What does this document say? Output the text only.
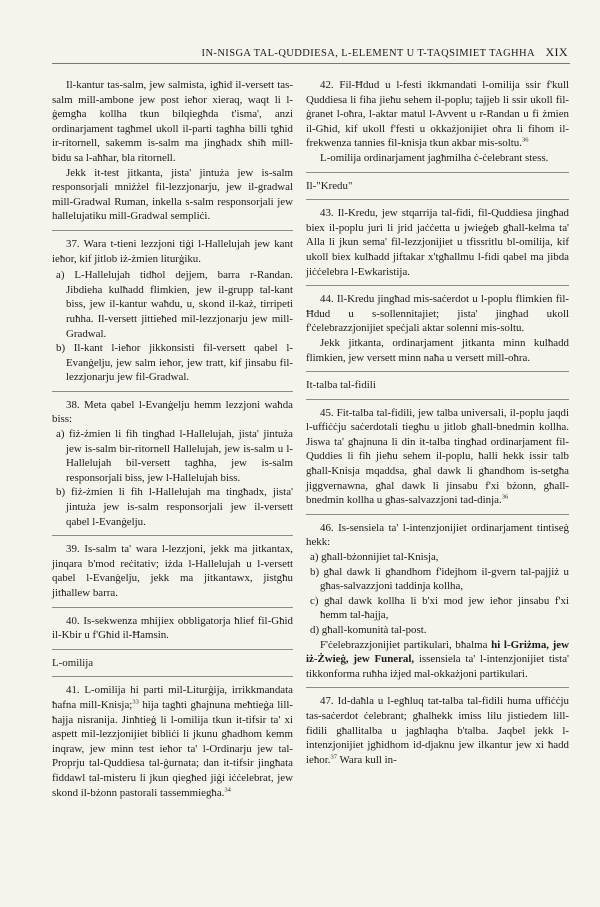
IN-NISGA TAL-QUDDIESA, L-ELEMENT U T-TAQSIMIET TAGHHA XIX

Il-kantur tas-salm, jew salmista, igħid il-versett tas-salm mill-ambone jew post ieħor xieraq, waqt li l-ġemgħa kollha tkun bilqiegħda t'isma', anzi ordinarjament tagħmel ukoll il-parti tagħha billi tgħid ir-ritornell, sakemm is-salm ma jingħadx sħiħ mill-bidu sa l-aħħar, bla ritornell.

Jekk it-test jitkanta, jista' jintuża jew is-salm responsorjali mniżżel fil-lezzjonarju, jew il-gradwal mill-Gradwal Ruman, inkella s-salm responsorjali jew hallelujatiku mill-Gradwal sempliċi.

37. Wara t-tieni lezzjoni tiġi l-Hallelujah jew kant ieħor, kif jitlob iż-żmien liturġiku.

a) L-Hallelujah tidħol dejjem, barra r-Randan. Jibdieha kulħadd flimkien, jew il-grupp tal-kant biss, jew il-kantur waħdu, u, skond il-każ, tirripeti ruħha. Il-versett jittieħed mil-lezzjonarju jew mill-Gradwal.

b) Il-kant l-ieħor jikkonsisti fil-versett qabel l-Evanġelju, jew salm ieħor, jew tratt, kif jinsabu fil-lezzjonarju jew fil-Gradwal.

38. Meta qabel l-Evanġelju hemm lezzjoni waħda biss:

a) fiż-żmien li fih tingħad l-Hallelujah, jista' jintuża jew is-salm bir-ritornell Hallelujah, jew is-salm u l-Hallelujah bil-versett tagħha, jew is-salm responsorjali biss, jew l-Hallelujah biss.

b) fiż-żmien li fih l-Hallelujah ma tingħadx, jista' jintuża jew is-salm responsorjali jew il-versett qabel l-Evanġelju.

39. Is-salm ta' wara l-lezzjoni, jekk ma jitkantax, jinqara b'mod reċitativ; iżda l-Hallelujah u l-versett qabel l-Evanġelju, jekk ma jitkantawx, jistgħu jitħallew barra.

40. Is-sekwenza mhijiex obbligatorja ħlief fil-Għid il-Kbir u f'Għid il-Ħamsin.

L-omilija

41. L-omilija hi parti mil-Liturġija, irrikkmandata ħafna mill-Knisja;$^{33}$ hija tagħti għajnuna meħtieġa lill-ħajja nisranija. Jinħtieġ li l-omilija tkun it-tifsir ta' xi aspett mil-lezzjonijiet bibliċi li jkunu għadhom kemm inqraw, jew minn test ieħor ta' l-Ordinarju jew tal-Proprju tal-Quddiesa tal-ġurnata; dan it-tifsir jingħata fiddawl tal-misteru li jkun qiegħed jiġi iċċelebrat, jew skond il-bżonn pastorali tassemmiegħa.$^{34}$

42. Fil-Ħdud u l-festi ikkmandati l-omilija ssir f'kull Quddiesa li fiha jieħu sehem il-poplu; tajjeb li ssir ukoll fil-ġranet l-oħra, l-aktar matul l-Avvent u r-Randan u fi żmien il-Għid, kif ukoll f'festi u okkażjonijiet oħra li fihom il-frekwenza tannies fil-knisja tkun akbar mis-soltu.$^{36}$

L-omilija ordinarjament jagħmilha ċ-ċelebrant stess.

Il-"Kredu"

43. Il-Kredu, jew stqarrija tal-fidi, fil-Quddiesa jingħad biex il-poplu juri li jrid jaċċetta u jwieġeb għall-kelma ta' Alla li jkun sema' fil-lezzjonijiet u tfissritlu bl-omilija, kif ukoll biex kulħadd jiftakar x'tgħallmu l-fidi qabel ma jibda jiċċelebra l-Ewkaristija.

44. Il-Kredu jingħad mis-saċerdot u l-poplu flimkien fil-Ħdud u s-sollennitajiet; jista' jingħad ukoll f'ċelebrazzjonijiet speċjali aktar solenni mis-soltu.

Jekk jitkanta, ordinarjament jitkanta minn kulħadd flimkien, jew versett minn naħa u versett mill-oħra.

It-talba tal-fidili

45. Fit-talba tal-fidili, jew talba universali, il-poplu jaqdi l-uffiċċju saċerdotali tiegħu u jitlob għall-bnedmin kollha. Jiswa ta' għajnuna li din it-talba tingħad ordinarjament fil-Quddies li fih jieħu sehem il-poplu, ħalli hekk issir talb għall-Knisja mqaddsa, għal dawk li għandhom is-setgħa jiggvernawna, għal dawk li jinsabu f'xi bżonn, għall-bnedmin kollha u għas-salvazzjoni tad-dinja.$^{36}$

46. Is-sensiela ta' l-intenzjonijiet ordinarjament tintiseġ hekk:

a) għall-bżonnijiet tal-Knisja,

b) għal dawk li għandhom f'idejhom il-gvern tal-pajjiż u għas-salvazzjoni taddinja kollha,

c) għal dawk kollha li b'xi mod jew ieħor jinsabu f'xi ħemm tal-ħajja,

d) għall-komunità tal-post.

F'ċelebrazzjonijiet partikulari, bħalma hi l-Griżma, jew iż-Żwieġ, jew Funeral, issensiela ta' l-intenzjonijiet tista' tikkonforma ruħha iżjed mal-okkażjoni partikulari.

47. Id-daħla u l-egħluq tat-talba tal-fidili huma uffiċċju tas-saċerdot ċelebrant; għalhekk imiss lilu jistiedem lill-fidili għallitalba u jagħlaqha b'talba. Jaqbel jekk l-intenzjonijiet jgħidhom id-djaknu jew ilkantur jew xi ħadd ieħor.$^{37}$ Wara kull in-
